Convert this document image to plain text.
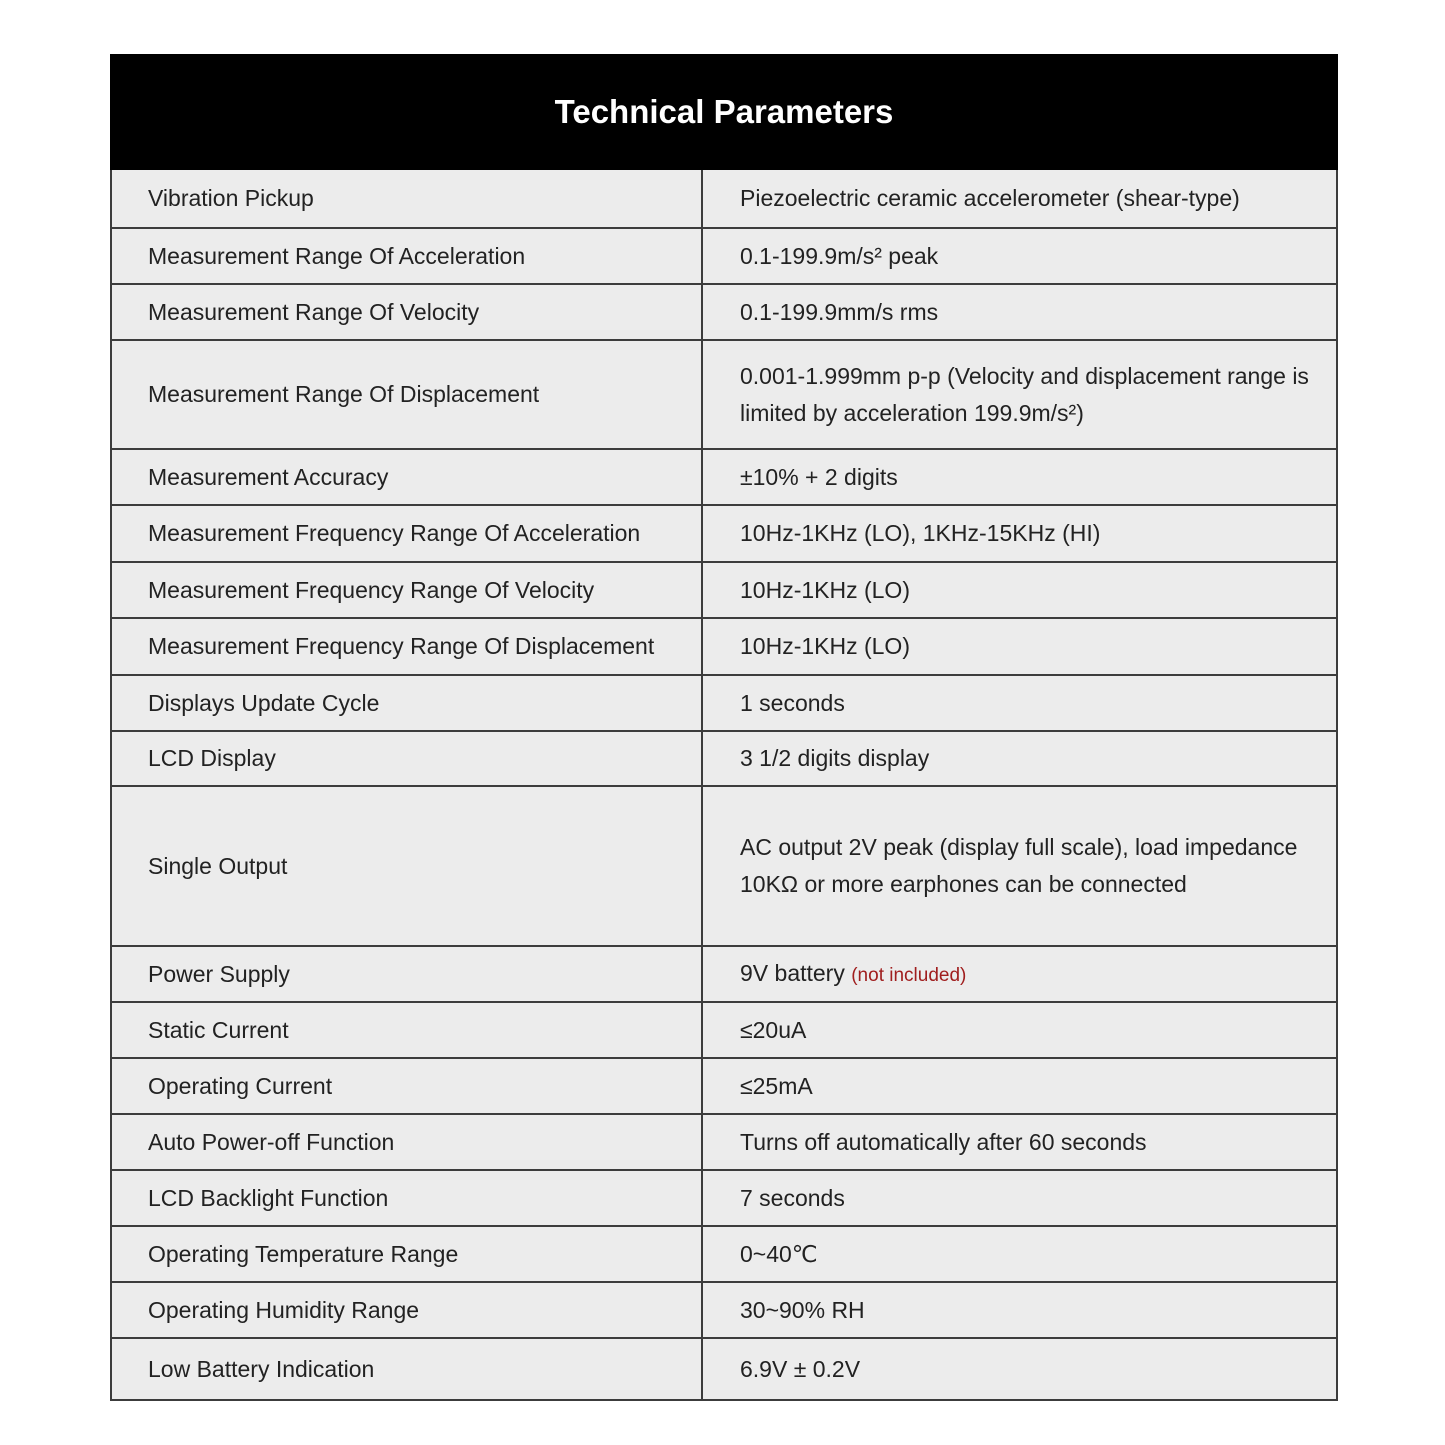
Technical Parameters	
Vibration Pickup	Piezoelectric ceramic accelerometer (shear-type)
Measurement Range Of Acceleration	0.1-199.9m/s² peak
Measurement Range Of Velocity	0.1-199.9mm/s rms
Measurement Range Of Displacement	0.001-1.999mm p-p (Velocity and displacement range is limited by acceleration 199.9m/s²)
Measurement Accuracy	±10% + 2 digits
Measurement Frequency Range Of Acceleration	10Hz-1KHz (LO), 1KHz-15KHz (HI)
Measurement Frequency Range Of Velocity	10Hz-1KHz (LO)
Measurement Frequency Range Of Displacement	10Hz-1KHz (LO)
Displays Update Cycle	1 seconds
LCD Display	3 1/2 digits display
Single Output	AC output 2V peak (display full scale), load impedance 10KΩ or more earphones can be connected
Power Supply	9V battery (not included)
Static Current	≤20uA
Operating Current	≤25mA
Auto Power-off Function	Turns off automatically after 60 seconds
LCD Backlight Function	7 seconds
Operating Temperature Range	0~40℃
Operating Humidity Range	30~90% RH
Low Battery Indication	6.9V ± 0.2V
